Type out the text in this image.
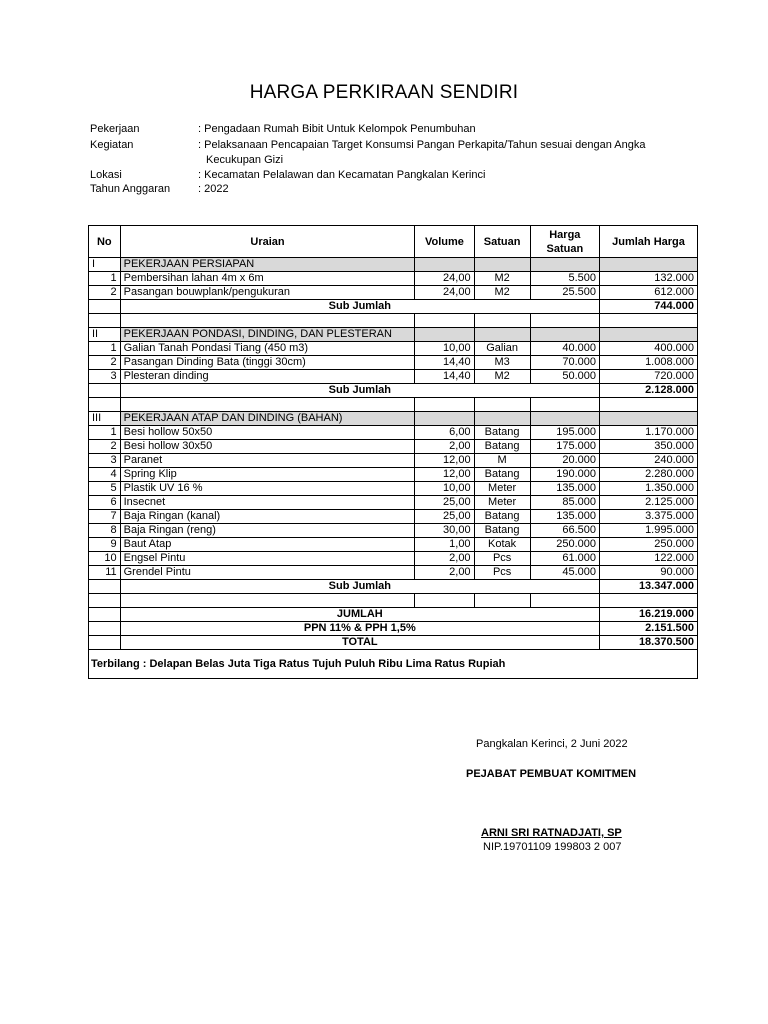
HARGA PERKIRAAN SENDIRI
Pekerjaan	: Pengadaan Rumah Bibit Untuk Kelompok Penumbuhan
Kegiatan	: Pelaksanaan Pencapaian Target Konsumsi Pangan Perkapita/Tahun sesuai dengan Angka
Kecukupan Gizi
Lokasi	: Kecamatan Pelalawan dan Kecamatan Pangkalan Kerinci
Tahun Anggaran	: 2022
No	Uraian	Volume	Satuan	Harga Satuan	Jumlah Harga
I	PEKERJAAN PERSIAPAN				
1	Pembersihan lahan 4m x 6m	24,00	M2	5.500	132.000
2	Pasangan bouwplank/pengukuran	24,00	M2	25.500	612.000
	Sub Jumlah				744.000

II	PEKERJAAN PONDASI, DINDING, DAN PLESTERAN				
1	Galian Tanah Pondasi Tiang (450 m3)	10,00	Galian	40.000	400.000
2	Pasangan Dinding Bata (tinggi 30cm)	14,40	M3	70.000	1.008.000
3	Plesteran dinding	14,40	M2	50.000	720.000
	Sub Jumlah				2.128.000

III	PEKERJAAN ATAP DAN DINDING (BAHAN)				
1	Besi hollow 50x50	6,00	Batang	195.000	1.170.000
2	Besi hollow 30x50	2,00	Batang	175.000	350.000
3	Paranet	12,00	M	20.000	240.000
4	Spring Klip	12,00	Batang	190.000	2.280.000
5	Plastik UV 16 %	10,00	Meter	135.000	1.350.000
6	Insecnet	25,00	Meter	85.000	2.125.000
7	Baja Ringan (kanal)	25,00	Batang	135.000	3.375.000
8	Baja Ringan (reng)	30,00	Batang	66.500	1.995.000
9	Baut Atap	1,00	Kotak	250.000	250.000
10	Engsel Pintu	2,00	Pcs	61.000	122.000
11	Grendel Pintu	2,00	Pcs	45.000	90.000
	Sub Jumlah				13.347.000

	JUMLAH				16.219.000
	PPN 11% & PPH 1,5%				2.151.500
	TOTAL				18.370.500
Terbilang : Delapan Belas Juta Tiga Ratus Tujuh Puluh Ribu Lima Ratus Rupiah					
Pangkalan Kerinci, 2 Juni 2022
PEJABAT PEMBUAT KOMITMEN
ARNI SRI RATNADJATI, SP
NIP.19701109 199803 2 007
